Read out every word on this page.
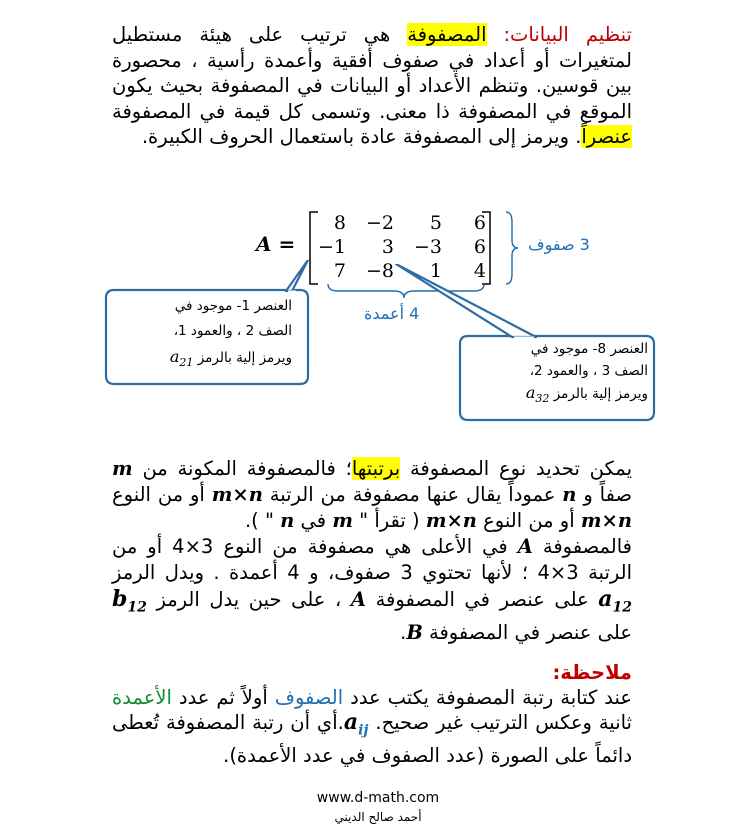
تنظيم البيانات: المصفوفة هي ترتيب على هيئة مستطيل لمتغيرات أو أعداد في صفوف أفقية وأعمدة رأسية ، محصورة بين قوسين. وتنظم الأعداد أو البيانات في المصفوفة بحيث يكون الموقع في المصفوفة ذا معنى. وتسمى كل قيمة في المصفوفة عنصراً. ويرمز إلى المصفوفة عادة باستعمال الحروف الكبيرة.
A =
8	−2	5	6
−1	3	−3	6
7	−8	1	4
3 صفوف
4 أعمدة
العنصر 1- موجود في
الصف 2 ، والعمود 1،
ويرمز إلية بالرمز $a_{21}$
العنصر 8- موجود في
الصف 3 ، والعمود 2،
ويرمز إلية بالرمز $a_{32}$
يمكن تحديد نوع المصفوفة برتبتها؛ فالمصفوفة المكونة من m صفاً و n عموداً يقال عنها مصفوفة من الرتبة m×n أو من النوع m×n أو من النوع m×n ( تقرأ " m في n " ).
فالمصفوفة A في الأعلى هي مصفوفة من النوع 3×4 أو من الرتبة 3×4 ؛ لأنها تحتوي 3 صفوف، و 4 أعمدة . ويدل الرمز $a_{12}$ على عنصر في المصفوفة A ، على حين يدل الرمز $b_{12}$ على عنصر في المصفوفة B.
ملاحظة:
عند كتابة رتبة المصفوفة يكتب عدد الصفوف أولاً ثم عدد الأعمدة ثانية وعكس الترتيب غير صحيح. $a_{ij}.أي$ أن رتبة المصفوفة تُعطى دائماً على الصورة (عدد الصفوف في عدد الأعمدة).
www.d-math.com
أحمد صالح الديني
